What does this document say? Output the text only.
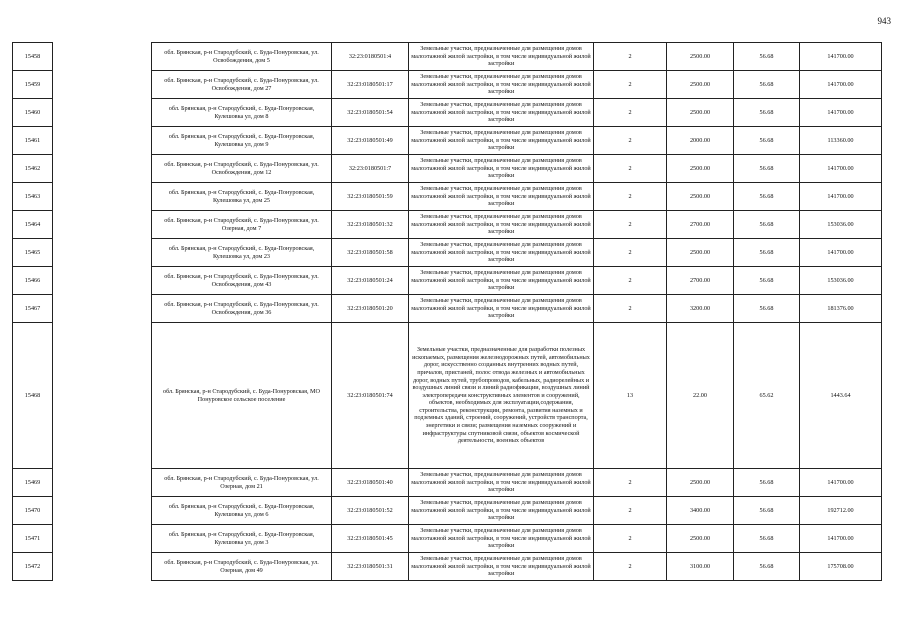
943
15458		обл. Брянская, р-н Стародубский, с. Буда-Понуровская, ул. Освобождения, дом 5	32:23:0180501:4	Земельные участки, предназначенные для размещения домов малоэтажной жилой застройки, в том числе индивидуальной жилой застройки	2	2500.00	56.68	141700.00
15459		обл. Брянская, р-н Стародубский, с. Буда-Понуровская, ул. Освобождения, дом 27	32:23:0180501:17	Земельные участки, предназначенные для размещения домов малоэтажной жилой застройки, в том числе индивидуальной жилой застройки	2	2500.00	56.68	141700.00
15460		обл. Брянская, р-н Стародубский, с. Буда-Понуровская, Кулешовка ул, дом 8	32:23:0180501:54	Земельные участки, предназначенные для размещения домов малоэтажной жилой застройки, в том числе индивидуальной жилой застройки	2	2500.00	56.68	141700.00
15461		обл. Брянская, р-н Стародубский, с. Буда-Понуровская, Кулешовка ул, дом 9	32:23:0180501:49	Земельные участки, предназначенные для размещения домов малоэтажной жилой застройки, в том числе индивидуальной жилой застройки	2	2000.00	56.68	113360.00
15462		обл. Брянская, р-н Стародубский, с. Буда-Понуровская, ул. Освобождения, дом 12	32:23:0180501:7	Земельные участки, предназначенные для размещения домов малоэтажной жилой застройки, в том числе индивидуальной жилой застройки	2	2500.00	56.68	141700.00
15463		обл. Брянская, р-н Стародубский, с. Буда-Понуровская, Кулешовка ул, дом 25	32:23:0180501:59	Земельные участки, предназначенные для размещения домов малоэтажной жилой застройки, в том числе индивидуальной жилой застройки	2	2500.00	56.68	141700.00
15464		обл. Брянская, р-н Стародубский, с. Буда-Понуровская, ул. Озерная, дом 7	32:23:0180501:32	Земельные участки, предназначенные для размещения домов малоэтажной жилой застройки, в том числе индивидуальной жилой застройки	2	2700.00	56.68	153036.00
15465		обл. Брянская, р-н Стародубский, с. Буда-Понуровская, Кулешовка ул, дом 23	32:23:0180501:58	Земельные участки, предназначенные для размещения домов малоэтажной жилой застройки, в том числе индивидуальной жилой застройки	2	2500.00	56.68	141700.00
15466		обл. Брянская, р-н Стародубский, с. Буда-Понуровская, ул. Освобождения, дом 43	32:23:0180501:24	Земельные участки, предназначенные для размещения домов малоэтажной жилой застройки, в том числе индивидуальной жилой застройки	2	2700.00	56.68	153036.00
15467		обл. Брянская, р-н Стародубский, с. Буда-Понуровская, ул. Освобождения, дом 36	32:23:0180501:20	Земельные участки, предназначенные для размещения домов малоэтажной жилой застройки, в том числе индивидуальной жилой застройки	2	3200.00	56.68	181376.00
15468		обл. Брянская, р-н Стародубский, с. Буда-Понуровская, МО Понуровское сельское поселение	32:23:0180501:74	Земельные участки, предназначенные для разработки полезных ископаемых, размещения железнодорожных путей, автомобильных дорог, искусственно созданных внутренних водных путей, причалов, пристаней, полос отвода железных и автомобильных дорог, водных путей, трубопроводов, кабельных, радиорелейных и воздушных линий связи и линий радиофикации, воздушных линий электропередачи конструктивных элементов и сооружений, объектов, необходимых для эксплуатации,содержания, строительства, реконструкции, ремонта, развития наземных и подземных зданий, строений, сооружений, устройств транспорта, энергетики и связи; размещения наземных сооружений и инфраструктуры спутниковой связи, объектов космической деятельности, военных объектов	13	22.00	65.62	1443.64
15469		обл. Брянская, р-н Стародубский, с. Буда-Понуровская, ул. Озерная, дом 21	32:23:0180501:40	Земельные участки, предназначенные для размещения домов малоэтажной жилой застройки, в том числе индивидуальной жилой застройки	2	2500.00	56.68	141700.00
15470		обл. Брянская, р-н Стародубский, с. Буда-Понуровская, Кулешовка ул, дом 6	32:23:0180501:52	Земельные участки, предназначенные для размещения домов малоэтажной жилой застройки, в том числе индивидуальной жилой застройки	2	3400.00	56.68	192712.00
15471		обл. Брянская, р-н Стародубский, с. Буда-Понуровская, Кулешовка ул, дом 3	32:23:0180501:45	Земельные участки, предназначенные для размещения домов малоэтажной жилой застройки, в том числе индивидуальной жилой застройки	2	2500.00	56.68	141700.00
15472		обл. Брянская, р-н Стародубский, с. Буда-Понуровская, ул. Озерная, дом 49	32:23:0180501:31	Земельные участки, предназначенные для размещения домов малоэтажной жилой застройки, в том числе индивидуальной жилой застройки	2	3100.00	56.68	175708.00
